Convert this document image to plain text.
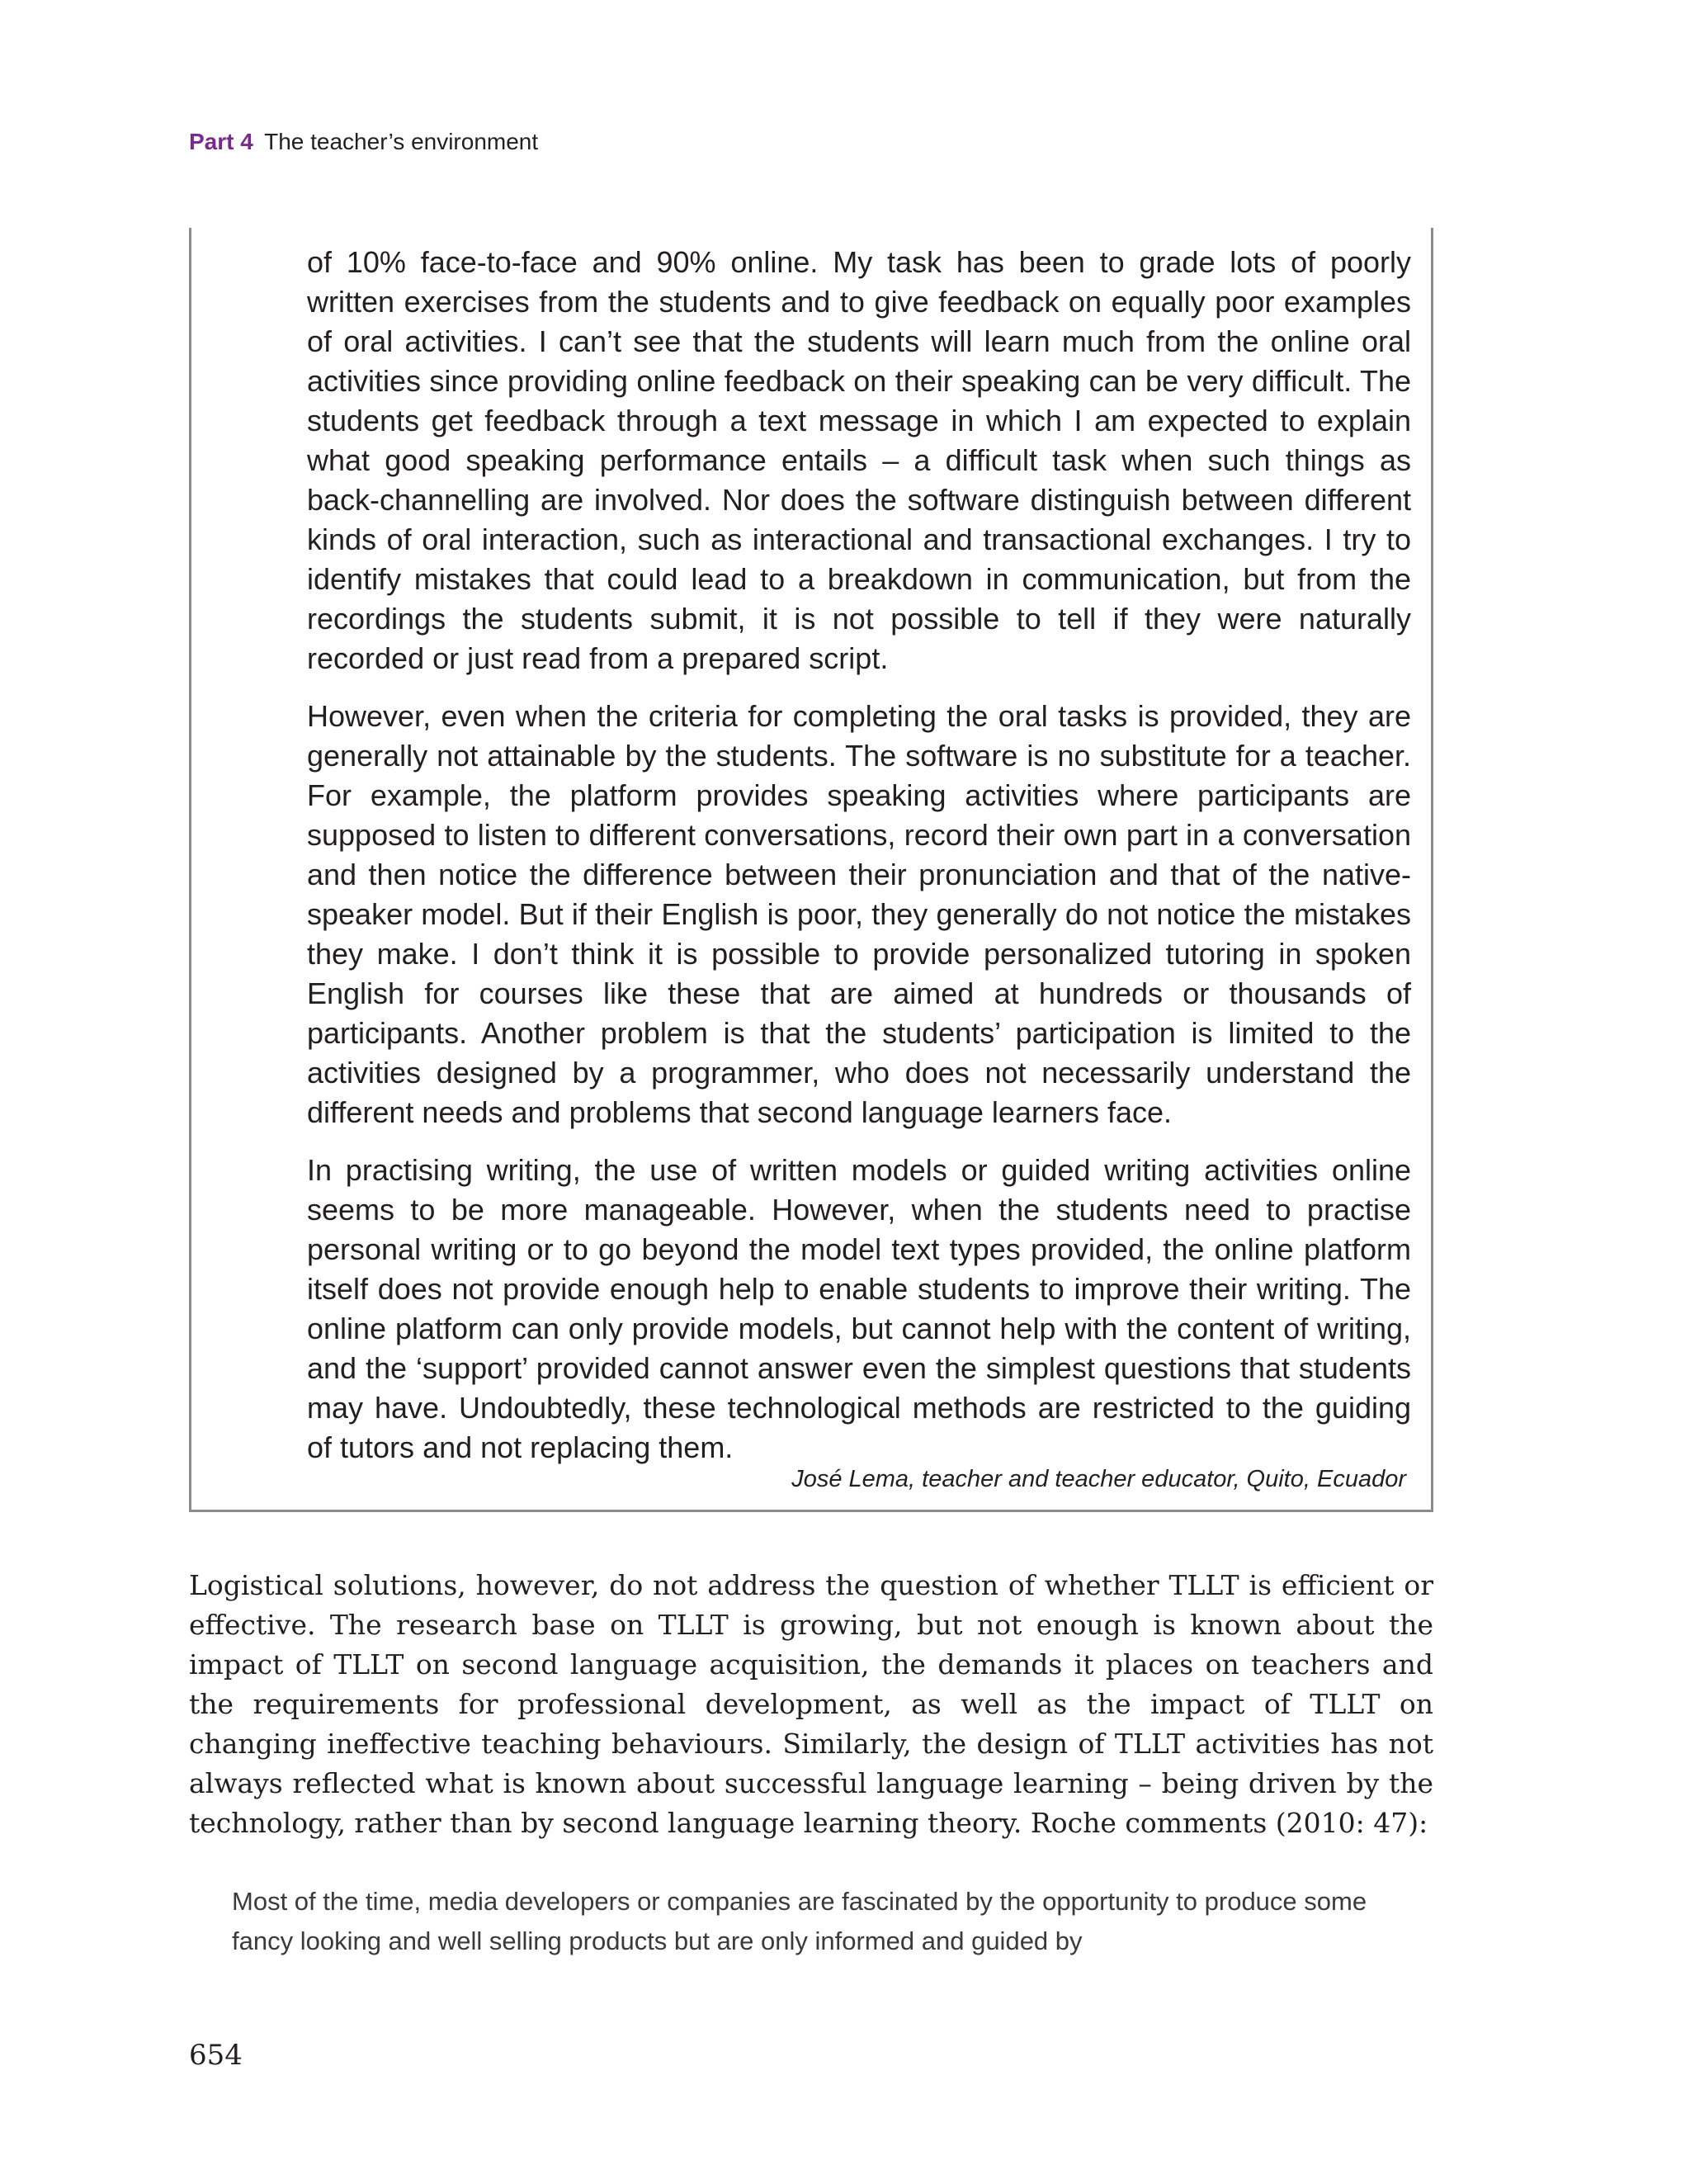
Part 4 The teacher’s environment

of 10% face-to-face and 90% online. My task has been to grade lots of poorly written exercises from the students and to give feedback on equally poor examples of oral activities. I can’t see that the students will learn much from the online oral activities since providing online feedback on their speaking can be very difficult. The students get feedback through a text message in which I am expected to explain what good speaking performance entails – a difficult task when such things as back-channelling are involved. Nor does the software distinguish between different kinds of oral interaction, such as interactional and transactional exchanges. I try to identify mistakes that could lead to a breakdown in communication, but from the recordings the students submit, it is not possible to tell if they were naturally recorded or just read from a prepared script.

However, even when the criteria for completing the oral tasks is provided, they are generally not attainable by the students. The software is no substitute for a teacher. For example, the platform provides speaking activities where participants are supposed to listen to different conversations, record their own part in a conversation and then notice the difference between their pronunciation and that of the native-speaker model. But if their English is poor, they generally do not notice the mistakes they make. I don’t think it is possible to provide personalized tutoring in spoken English for courses like these that are aimed at hundreds or thousands of participants. Another problem is that the students’ participation is limited to the activities designed by a programmer, who does not necessarily understand the different needs and problems that second language learners face.

In practising writing, the use of written models or guided writing activities online seems to be more manageable. However, when the students need to practise personal writing or to go beyond the model text types provided, the online platform itself does not provide enough help to enable students to improve their writing. The online platform can only provide models, but cannot help with the content of writing, and the ‘support’ provided cannot answer even the simplest questions that students may have. Undoubtedly, these technological methods are restricted to the guiding of tutors and not replacing them.

José Lema, teacher and teacher educator, Quito, Ecuador

Logistical solutions, however, do not address the question of whether TLLT is efficient or effective. The research base on TLLT is growing, but not enough is known about the impact of TLLT on second language acquisition, the demands it places on teachers and the requirements for professional development, as well as the impact of TLLT on changing ineffective teaching behaviours. Similarly, the design of TLLT activities has not always reflected what is known about successful language learning – being driven by the technology, rather than by second language learning theory. Roche comments (2010: 47):

Most of the time, media developers or companies are fascinated by the opportunity to produce some fancy looking and well selling products but are only informed and guided by

654
